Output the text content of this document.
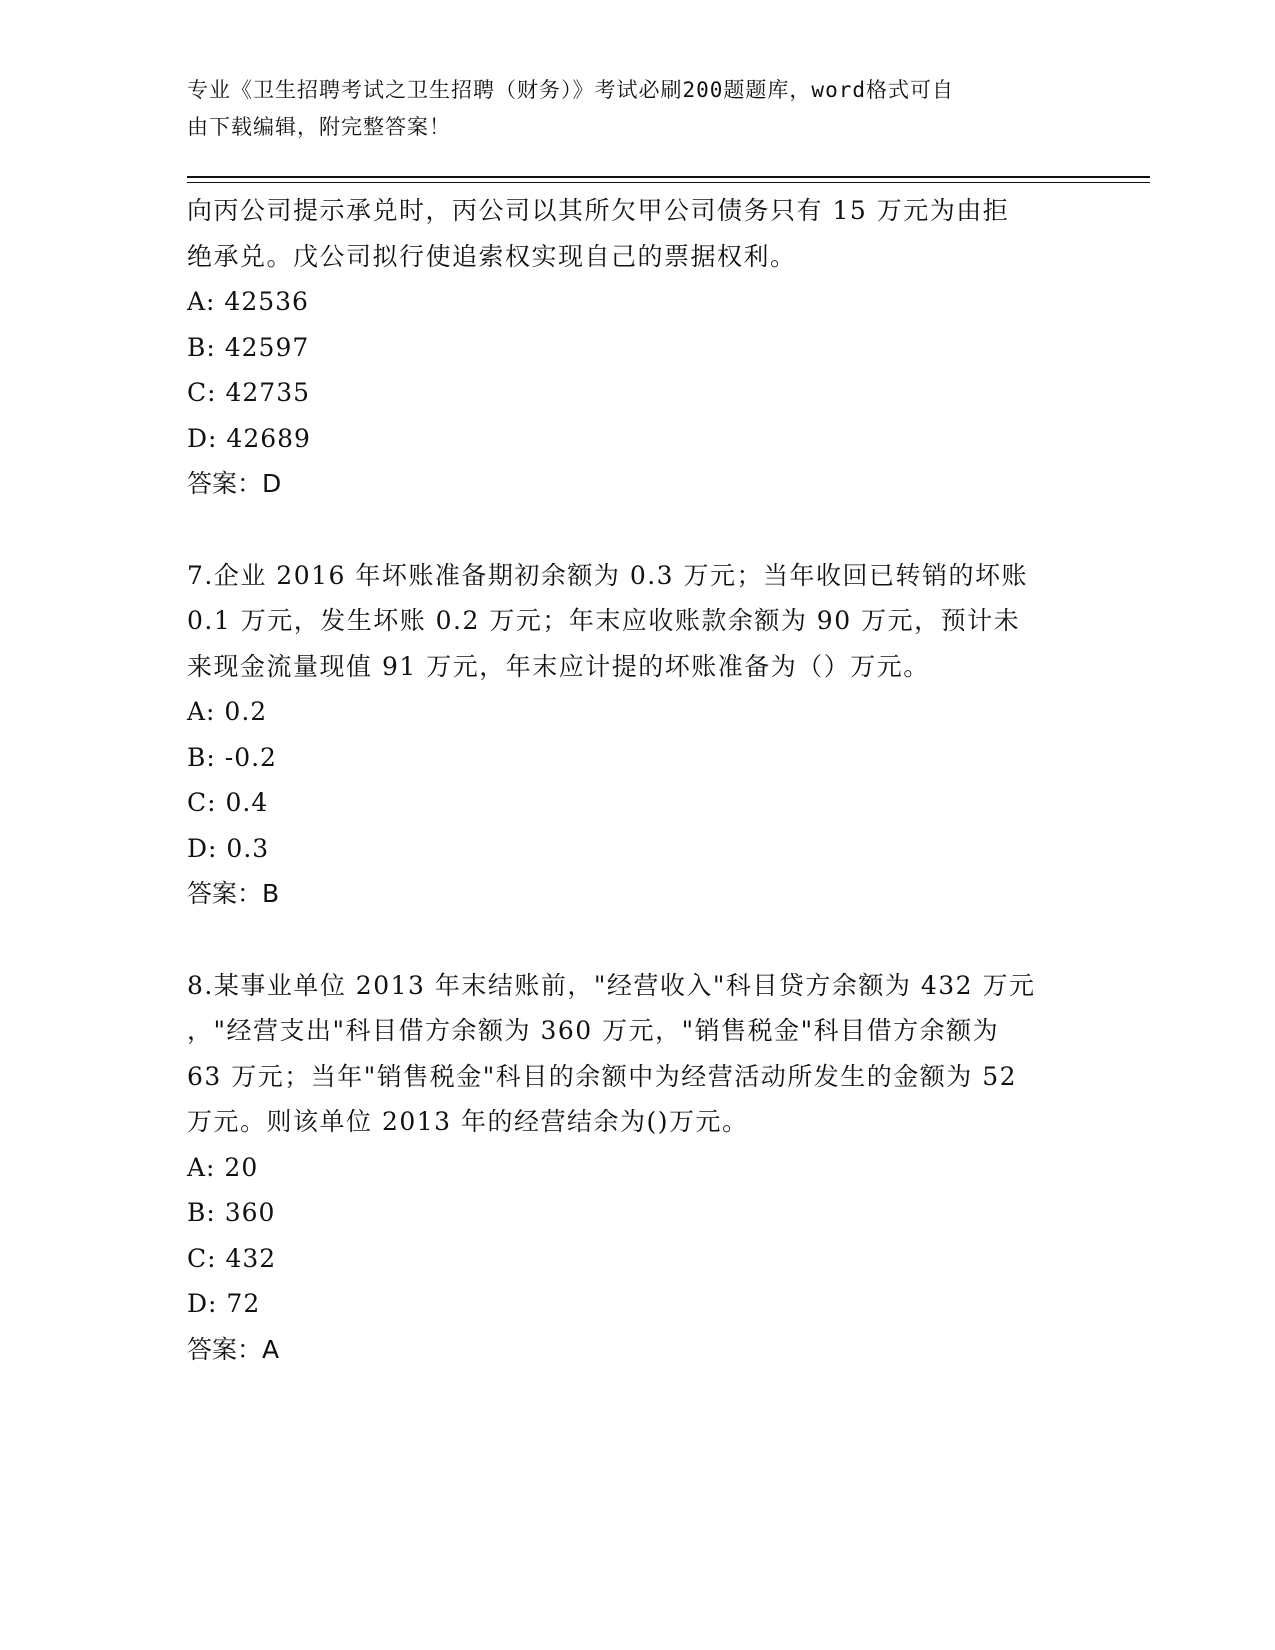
专业《卫生招聘考试之卫生招聘（财务）》考试必刷200题题库，word格式可自
由下载编辑，附完整答案！
向丙公司提示承兑时，丙公司以其所欠甲公司债务只有 15 万元为由拒
绝承兑。戊公司拟行使追索权实现自己的票据权利。
A: 42536
B: 42597
C: 42735
D: 42689
答案：D
7.企业 2016 年坏账准备期初余额为 0.3 万元；当年收回已转销的坏账
0.1 万元，发生坏账 0.2 万元；年末应收账款余额为 90 万元，预计未
来现金流量现值 91 万元，年末应计提的坏账准备为（）万元。
A: 0.2
B: -0.2
C: 0.4
D: 0.3
答案：B
8.某事业单位 2013 年末结账前，"经营收入"科目贷方余额为 432 万元
，"经营支出"科目借方余额为 360 万元，"销售税金"科目借方余额为
63 万元；当年"销售税金"科目的余额中为经营活动所发生的金额为 52
万元。则该单位 2013 年的经营结余为()万元。
A: 20
B: 360
C: 432
D: 72
答案：A
